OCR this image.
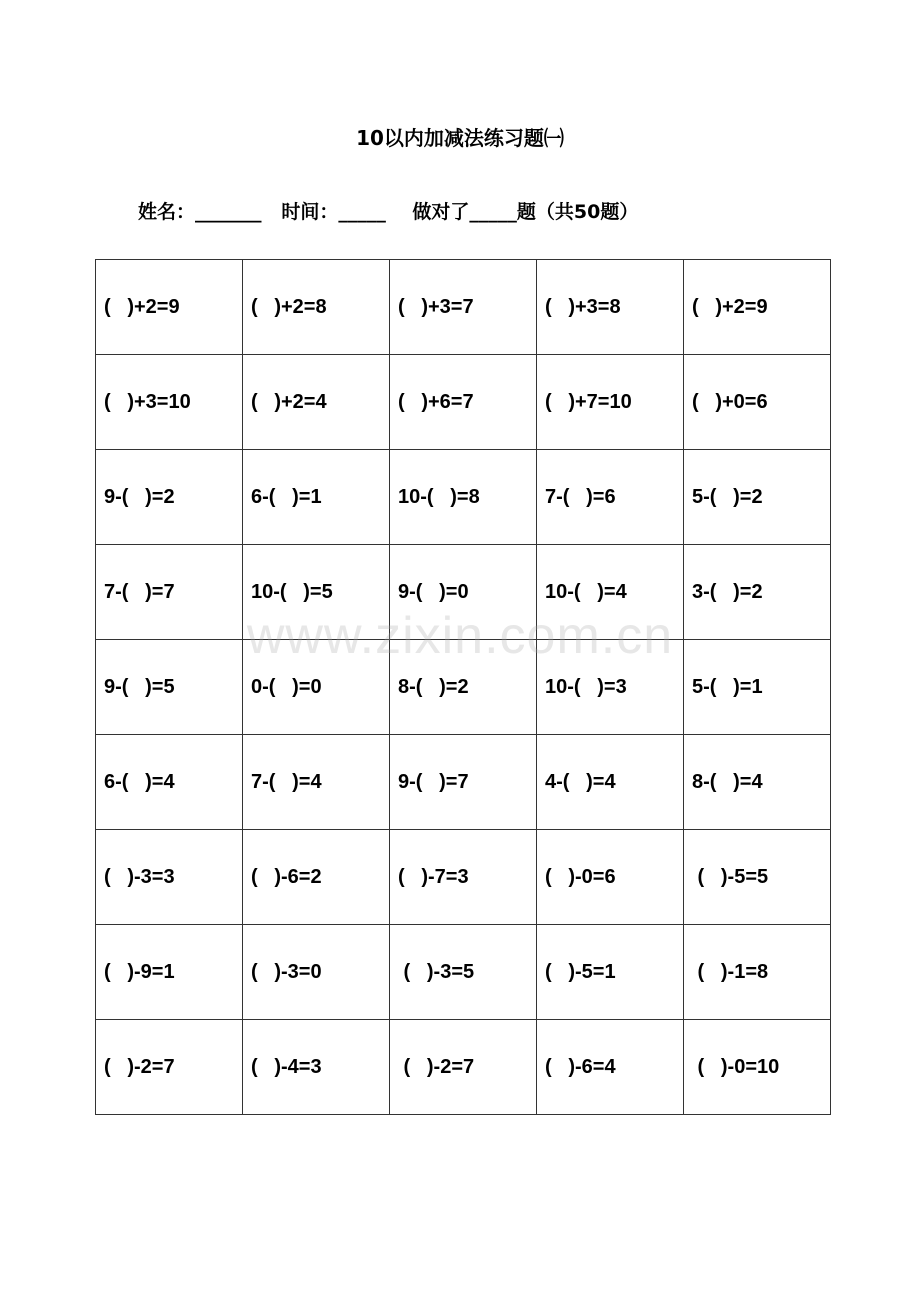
10以内加减法练习题㈠
姓名：_______ 时间：_____ 做对了_____题（共50题）
(   )+2=9	(   )+2=8	(   )+3=7	(   )+3=8	(   )+2=9
(   )+3=10	(   )+2=4	(   )+6=7	(   )+7=10	(   )+0=6
9-(   )=2	6-(   )=1	10-(   )=8	7-(   )=6	5-(   )=2
7-(   )=7	10-(   )=5	9-(   )=0	10-(   )=4	3-(   )=2
9-(   )=5	0-(   )=0	8-(   )=2	10-(   )=3	5-(   )=1
6-(   )=4	7-(   )=4	9-(   )=7	4-(   )=4	8-(   )=4
(   )-3=3	(   )-6=2	(   )-7=3	(   )-0=6	(   )-5=5
(   )-9=1	(   )-3=0	(   )-3=5	(   )-5=1	(   )-1=8
(   )-2=7	(   )-4=3	(   )-2=7	(   )-6=4	(   )-0=10
www.zixin.com.cn
